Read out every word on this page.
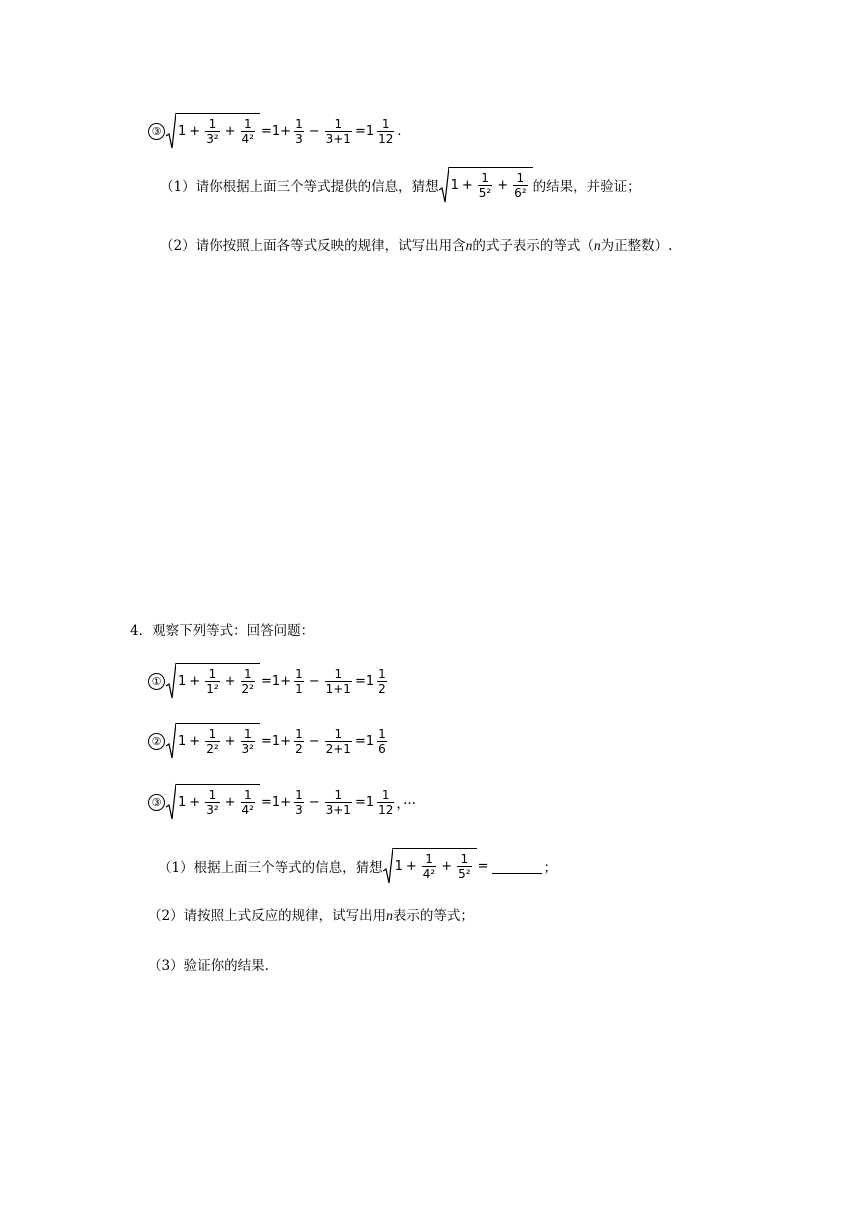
③ $1 + \frac{1}{\text{3²}} + \frac{1}{\text{4²}} =1+ \frac{1}{3} - \frac{1}{3+1} =1 \frac{1}{12}$ .
（1）请你根据上面三个等式提供的信息，猜想 $1 + \frac{1}{\text{5²}} + \frac{1}{\text{6²}}$ 的结果，并验证；
（2）请你按照上面各等式反映的规律，试写出用含n的式子表示的等式（n为正整数）.
4．观察下列等式：回答问题：
① $1 + \frac{1}{\text{1²}} + \frac{1}{\text{2²}} =1+ \frac{1}{1} - \frac{1}{1+1} =1 \frac{1}{2}$
② $1 + \frac{1}{\text{2²}} + \frac{1}{\text{3²}} =1+ \frac{1}{2} - \frac{1}{2+1} =1 \frac{1}{6}$
③ $1 + \frac{1}{\text{3²}} + \frac{1}{\text{4²}} =1+ \frac{1}{3} - \frac{1}{3+1} =1 \frac{1}{12}$ ，···
（1）根据上面三个等式的信息，猜想 $1 + \frac{1}{\text{4²}} + \frac{1}{\text{5²}}$ =	；
（2）请按照上式反应的规律，试写出用n表示的等式；
（3）验证你的结果.
